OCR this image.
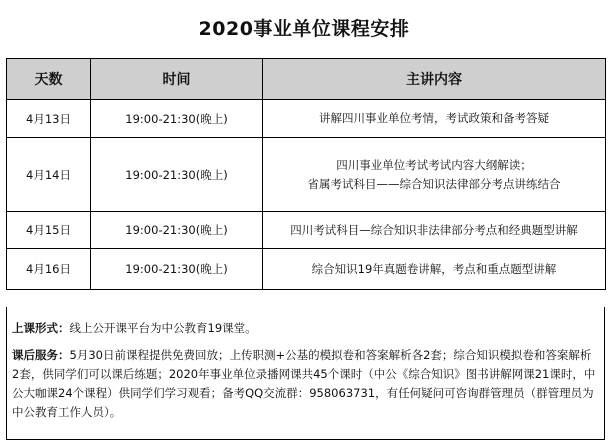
2020事业单位课程安排
天数	时间	主讲内容
4月13日	19:00-21:30(晚上)	讲解四川事业单位考情，考试政策和备考答疑

4月14日	19:00-21:30(晚上)	四川事业单位考试考试内容大纲解读；
省属考试科目——综合知识法律部分考点讲练结合

4月15日	19:00-21:30(晚上)	四川考试科目—综合知识非法律部分考点和经典题型讲解

4月16日	19:00-21:30(晚上)	综合知识19年真题卷讲解，考点和重点题型讲解

上课形式：线上公开课平台为中公教育19课堂。

课后服务：5月30日前课程提供免费回放；上传职测+公基的模拟卷和答案解析各2套；综合知识模拟卷和答案解析2套，供同学们可以课后练题；2020年事业单位录播网课共45个课时（中公《综合知识》图书讲解网课21课时，中公大咖课24个课程）供同学们学习观看；备考QQ交流群：958063731，有任何疑问可咨询群管理员（群管理员为中公教育工作人员）。
